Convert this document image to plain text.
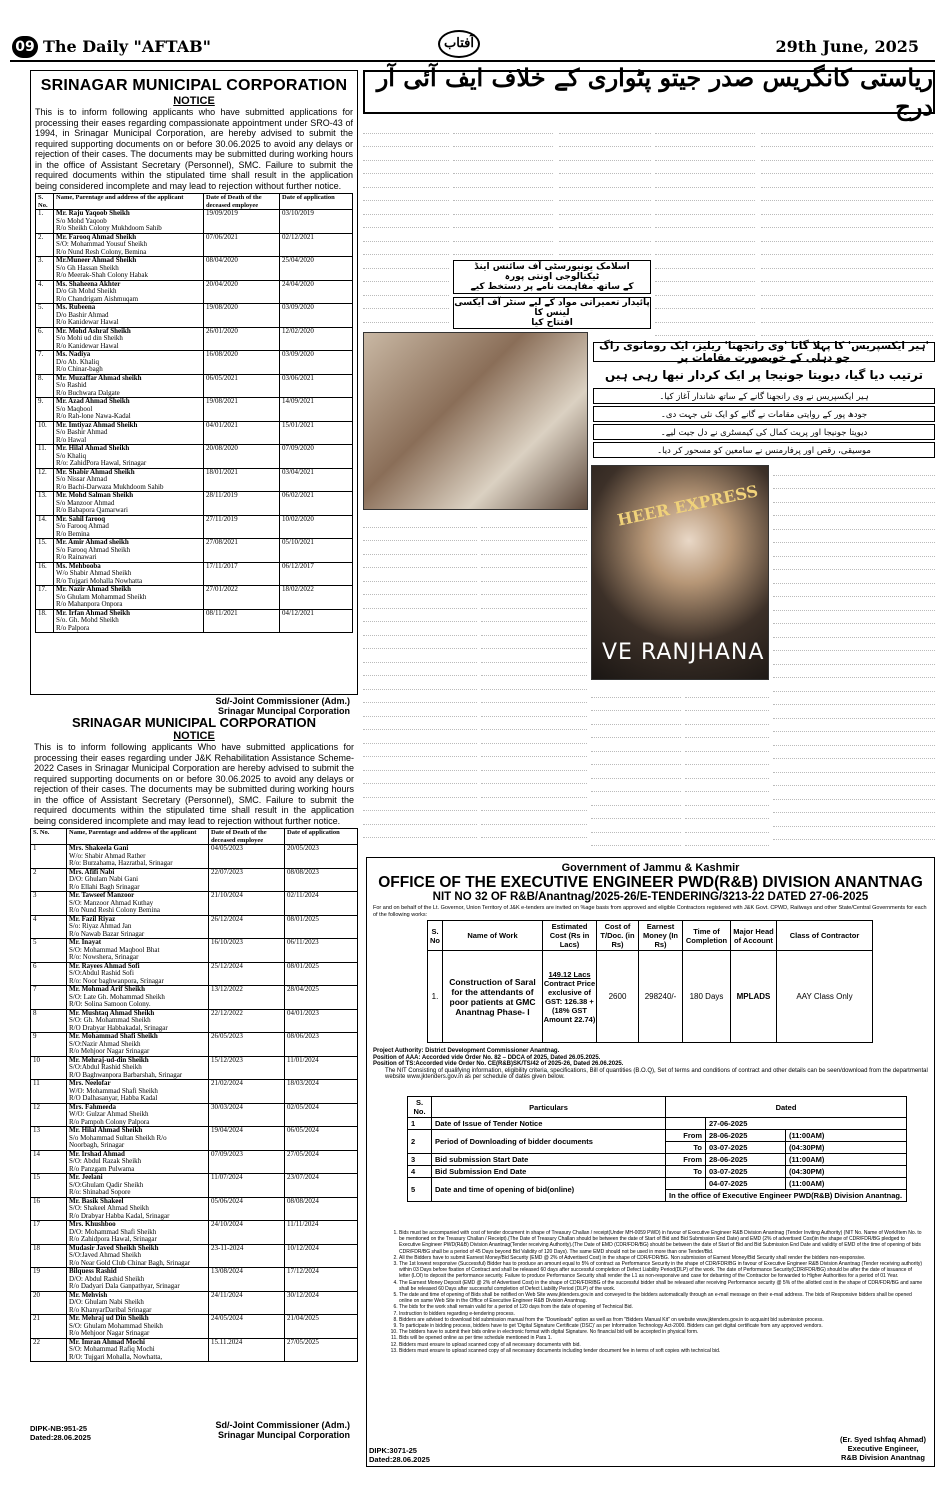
09 The Daily "AFTAB"	آفتاب	29th June, 2025
SRINAGAR MUNICIPAL CORPORATION
NOTICE
This is to inform following applicants who have submitted applications for processing their eases regarding compassionate appointment under SRO-43 of 1994, in Srinagar Municipal Corporation, are hereby advised to submit the required supporting documents on or before 30.06.2025 to avoid any delays or rejection of their cases. The documents may be submitted during working hours in the office of Assistant Secretary (Personnel), SMC. Failure to submit the required documents within the stipulated time shall result in the application being considered incomplete and may lead to rejection without further notice.
S. No.	Name, Parentage and address of the applicant	Date of Death of the deceased employee	Date of application
1.	Mr. Raju Yaqoob Sheikh
S/o Mohd Yaqoob
R/o Sheikh Colony Mukhdoom Sahib	19/09/2019	03/10/2019
2.	Mr. Farooq Ahmad Sheikh
S/O: Mohammad Yousuf Sheikh
R/o Nund Resh Colony, Bemina	07/06/2021	02/12/2021
3.	Mr.Muneer Ahmad Sheikh
S/o Gh Hassan Sheikh
R/o Meerak-Shah Colony Habak	08/04/2020	25/04/2020
4.	Ms. Shaheena Akhter
D/o Gh Mohd Sheikh
R/o Chandrigam Aishmuqam	20/04/2020	24/04/2020
5.	Ms. Rubeena
D/o Bashir Ahmad
R/o Kanidewar Hawal	19/08/2020	03/09/2020
6.	Mr. Mohd Ashraf Sheikh
S/o Mohi ud din Sheikh
R/o Kanidewar Hawal	26/01/2020	12/02/2020
7.	Ms. Nadiya
D/o Ab. Khaliq
R/o Chinar-bagh	16/08/2020	03/09/2020
8.	Mr. Muzaffar Ahmad sheikh
S/o Rashid
R/o Buchwara Dalgate	06/05/2021	03/06/2021
9.	Mr. Azad Ahmad Sheikh
S/o Maqbool
R/o Rah-lone Nawa-Kadal	19/08/2021	14/09/2021
10.	Mr. Imtiyaz Ahmad Sheikh
S/o Bashir Ahmad
R/o Hawal	04/01/2021	15/01/2021
11.	Mr. Hilal Ahmad Sheikh
S/o Khaliq
R/o: ZahidPora Hawal, Srinagar	20/08/2020	07/09/2020
12.	Mr. Shabir Ahmad Sheikh
S/o Nissar Ahmad
R/o Bachi-Darwaza Mukhdoom Sahib	18/01/2021	03/04/2021
13.	Mr. Mohd Salman Sheikh
S/o Manzoor Ahmad
R/o Babapora Qamarwari	28/11/2019	06/02/2021
14.	Mr. Sahil farooq
S/o Farooq Ahmad
R/o Bemina	27/11/2019	10/02/2020
15.	Mr. Amir Ahmad sheikh
S/o Farooq Ahmad Sheikh
R/o Rainawari	27/08/2021	05/10/2021
16.	Ms. Mehbooba
W/o Shabir Ahmad Sheikh
R/o Tujgari Mohalla Nowhatta	17/11/2017	06/12/2017
17.	Mr. Nazir Ahmad Sheikh
S/o Ghulam Mohammad Sheikh
R/o Mahanpora Onpora	27/01/2022	18/02/2022
18.	Mr. Irfan Ahmad Sheikh
S/o. Gh. Mohd Sheikh
R/o Palpora	08/11/2021	04/12/2021
Sd/-Joint Commissioner (Adm.)
Srinagar Muncipal Corporation
SRINAGAR MUNICIPAL CORPORATION
NOTICE
This is to inform following applicants Who have submitted applications for processing their eases regarding under J&K Rehabilitation Assistance Scheme-2022 Cases in Srinagar Municipal Corporation are hereby advised to submit the required supporting documents on or before 30.06.2025 to avoid any delays or rejection of their cases. The documents may be submitted during working hours in the office of Assistant Secretary (Personnel), SMC. Failure to submit the required documents within the stipulated time shall result in the application being considered incomplete and may lead to rejection without further notice.
S. No.	Name, Parentage and address of the applicant	Date of Death of the deceased employee	Date of application
1	Mrs. Shakeela Gani
W/o: Shabir Ahmad Rather
R/o: Burzahama, Hazratbal, Srinagar	04/05/2023	20/05/2023
2	Mrs. Afifi Nabi
D/O: Ghulam Nabi Gani
R/o Ellahi Bagh Srinagar	22/07/2023	08/08/2023
3	Mr. Tawseef Manzoor
S/O: Manzoor Ahmad Kuthay
R/o Nund Reshi Colony Bemina	21/10/2024	02/11/2024
4	Mr. Fazil Riyaz
S/o: Riyaz Ahmad Jan
R/o Nawab Bazar Srinagar	26/12/2024	08/01/2025
5	Mr. Inayat
S/O: Mohammad Maqbool Bhat
R/o: Nowshera, Srinagar	16/10/2023	06/11/2023
6	Mr. Rayees Ahmad Sofi
S/O:Abdul Rashid Sofi
R/o: Noor baghwanpora, Srinagar	25/12/2024	08/01/2025
7	Mr. Mohmad Arif Sheikh
S/O: Late Gh. Mohammad Sheikh
R/O: Solina Samoon Colony.	13/12/2022	28/04/2025
8	Mr. Mushtaq Ahmad Sheikh
S/O: Gh. Mohammad Sheikh
R/O Drabyar Habbakadal, Srinagar	22/12/2022	04/01/2023
9	Mr. Mohammad Shafi Sheikh
S/O:Nazir Ahmad Sheikh
R/o Mehjoor Nagar Srinagar	26/05/2023	08/06/2023
10	Mr. Mehraj-ud-din Sheikh
S/O:Abdul Rashid Sheikh
R/O Baghwanpora Barbarshah, Srinagar	15/12/2023	11/01/2024
11	Mrs. Neelofar
W/O: Mohammad Shafi Sheikh
R/O Dalhasanyar, Habba Kadal	21/02/2024	18/03/2024
12	Mrs. Fahmeeda
W/O: Gulzar Ahmad Sheikh
R/o Pampoh Colony Palpora	30/03/2024	02/05/2024
13	Mr. Hilal Ahmad Sheikh
S/o Mohammad Sultan Sheikh R/o
Noorbagh, Srinagar	19/04/2024	06/05/2024
14	Mr. Irshad Ahmad
S/O: Abdul Razak Sheikh
R/o Panzgam Pulwama	07/09/2023	27/05/2024
15	Mr. Jeelani
S/O:Ghulam Qadir Sheikh
R/o: Shinabad Sopore	11/07/2024	23/07/2024
16	Mr. Basik Shakeel
S/O: Shakeel Ahmad Sheikh
R/o Drabyar Habba Kadal, Srinagar	05/06/2024	08/08/2024
17	Mrs. Khushboo
D/O: Mohammad Shafi Sheikh
R/o Zahidpora Hawal, Srinagar	24/10/2024	11/11/2024
18	Mudasir Javed Sheikh Sheikh
S/O:Javed Ahmad Sheikh
R/o Near Gold Club Chinar Bagh, Srinagar	23-11-2024	10/12/2024
19	Bilquess Rashid
D/O: Abdul Rashid Sheikh
R/o Dadyari Dala Ganpathyar, Srinagar	13/08/2024	17/12/2024
20	Mr. Mehvish
D/O: Ghulam Nabi Sheikh
R/o KhanyarDaribal Srinagar	24/11/2024	30/12/2024
21	Mr. Mehraj ud Din Sheikh
S/O: Ghulam Mohammad Sheikh
R/o Mehjoor Nagar Srinagar	24/05/2024	21/04/2025
22	Mr. Imran Ahmad Mochi
S/O: Mohammad Rafiq Mochi
R/O: Tujgari Mohalla, Nowhatta,	15.11.2024	27/05/2025
DIPK-NB:951-25
Dated:28.06.2025
Sd/-Joint Commissioner (Adm.)
Srinagar Muncipal Corporation
ریاستی کانگریس صدر جیتو پٹواری کے خلاف ایف آئی آر درج
اسلامک یونیورسٹی آف سائنس اینڈ ٹیکنالوجی اونتی پورہ
کے ساتھ مفاہمت نامے پر دستخط کیے
پائیدار تعمیراتی مواد کے لیے سنٹر آف ایکسی لینس کا
افتتاح کیا
'ہیر ایکسپریس' کا پہلا گانا 'وی رانجھنا' ریلیز، ایک رومانوی راگ جو دہلی کے خوبصورت مقامات پر
ترتیب دیا گیا، دیویتا جونیجا پر ایک کردار نبھا رہی ہیں
ہیر ایکسپریس نے وی رانجھنا گانے کے ساتھ شاندار آغاز کیا۔
جودھ پور کے روایتی مقامات نے گانے کو ایک نئی جہت دی۔
دیویتا جونیجا اور پریت کمال کی کیمسٹری نے دل جیت لیے۔
موسیقی، رقص اور پرفارمنس نے سامعین کو مسحور کر دیا۔
HEER EXPRESS
VE RANJHANA
Government of Jammu & Kashmir
OFFICE OF THE EXECUTIVE ENGINEER PWD(R&B) DIVISION ANANTNAG
NIT NO 32 OF R&B/Anantnag/2025-26/E-TENDERING/3213-22 DATED 27-06-2025
For and on behalf of the Lt. Governor, Union Territory of J&K e-tenders are invited on %age basis from approved and eligible Contractors registered with J&K Govt. CPWD, Railways and other State/Central Governments for each of the following works:
S. No	Name of Work	Estimated Cost (Rs in Lacs)	Cost of T/Doc. (in Rs)	Earnest Money (In Rs)	Time of Completion	Major Head of Account	Class of Contractor
1.	Construction of Saral for the attendants of poor patients at GMC Anantnag Phase- I	149.12 Lacs
Contract Price exclusive of GST: 126.38 + (18% GST Amount 22.74)	2600	298240/-	180 Days	MPLADS	AAY Class Only
Project Authority: District Development Commissioner Anantnag.
Position of AAA: Accorded vide Order No. 82 – DDCA of 2025, Dated 26.05.2025.
Position of TS:Accorded vide Order No. CE(R&B)SK/TS/42 of 2025-26, Dated 26.06.2025.
The NIT Consisting of qualifying information, eligibility criteria, specifications, Bill of quantities (B.O.Q), Set of terms and conditions of contract and other details can be seen/download from the departmental website www.jktenders.gov.in as per schedule of dates given below.
S. No.	Particulars	Dated		
1	Date of Issue of Tender Notice		27-06-2025	
2	Period of Downloading of bidder documents	From	28-06-2025	(11:00AM)
		To	03-07-2025	(04:30PM)
3	Bid submission Start Date	From	28-06-2025	(11:00AM)
4	Bid Submission End Date	To	03-07-2025	(04:30PM)
5	Date and time of opening of bid(online)		04-07-2025	(11:00AM)
		In the office of Executive Engineer PWD(R&B) Division Anantnag.		
1. Bids must be accompanied with cost of tender document in shape of Treasury Challan / receipt(Under MH-0059 PWD) in favour of Executive Engineer R&B Division Anantnag (Tender Inviting Authority) (NIT No. Name of Work/Item No. to be mentioned on the Treasury Challan / Receipt).(The Date of Treasury Challan should be between the date of Start of Bid and Bid Submission End Date) and EMD (2% of advertised Cost)in the shape of CDR/FDR/BG pledged to Executive Engineer PWD(R&B) Division Anantnag(Tender receiving Authority).(The Date of EMD (CDR/FDR/BG) should be between the date of Start of Bid and Bid Submission End Date and validity of EMD of the time of opening of bids CDR/FDR/BG shall be a period of 45 Days beyond Bid Validity of 120 Days). The same EMD should not be used in more than one Tender/Bid.
2. All the Bidders have to submit Earnest Money/Bid Security (EMD @ 2% of Advertised Cost) in the shape of CDR/FDR/BG. Non submission of Earnest Money/Bid Security shall render the bidders non-responsive.
3. The 1st lowest responsive (Successful) Bidder has to produce an amount equal to 5% of contract as Performance Security in the shape of CDR/FDR/BG in favour of Executive Engineer R&B Division Anantnag (Tender receiving authority) within 03 Days before fixation of Contract and shall be released 60 days after successful completion of Defect Liability Period(DLP) of the work. The date of Performance Security(CDR/FDR/BG) should be after the date of issuance of letter (LOI) to deposit the performance security. Failure to produce Performance Security shall render the L1 as non-responsive and case for debarring of the Contractor be forwarded to Higher Authorities for a period of 01 Year.
4. The Earnest Money Deposit (EMD @ 2% of Advertised Cost) in the shape of CDR/FDR/BG of the successful bidder shall be released after receiving Performance security @ 5% of the allotted cost in the shape of CDR/FDR/BG and same shall be released 60 Days after successful completion of Defect Liability Period (DLP) of the work.
5. The date and time of opening of Bids shall be notified on Web Site www.jktenders.gov.in and conveyed to the bidders automatically through an e-mail message on their e-mail address. The bids of Responsive bidders shall be opened online on same Web Site in the Office of Executive Engineer R&B Division Anantnag.
6. The bids for the work shall remain valid for a period of 120 days from the date of opening of Technical Bid.
7. Instruction to bidders regarding e-tendering process.
8. Bidders are advised to download bid submission manual from the "Downloads" option as well as from "Bidders Manual Kit" on website www.jktenders.gov.in to acquaint bid submission process.
9. To participate in bidding process, bidders have to get 'Digital Signature Certificate (DSC)' as per Information Technology Act-2000. Bidders can get digital certificate from any approved vendors.
10. The bidders have to submit their bids online in electronic format with digital Signature. No financial bid will be accepted in physical form.
11. Bids will be opened online as per time schedule mentioned in Para 1.
12. Bidders must ensure to upload scanned copy of all necessary documents with bid.
13. Bidders must ensure to upload scanned copy of all necessary documents including tender document fee in terms of soft copies with technical bid.
DIPK:3071-25
Dated:28.06.2025
(Er. Syed Ishfaq Ahmad)
Executive Engineer,
R&B Division Anantnag
